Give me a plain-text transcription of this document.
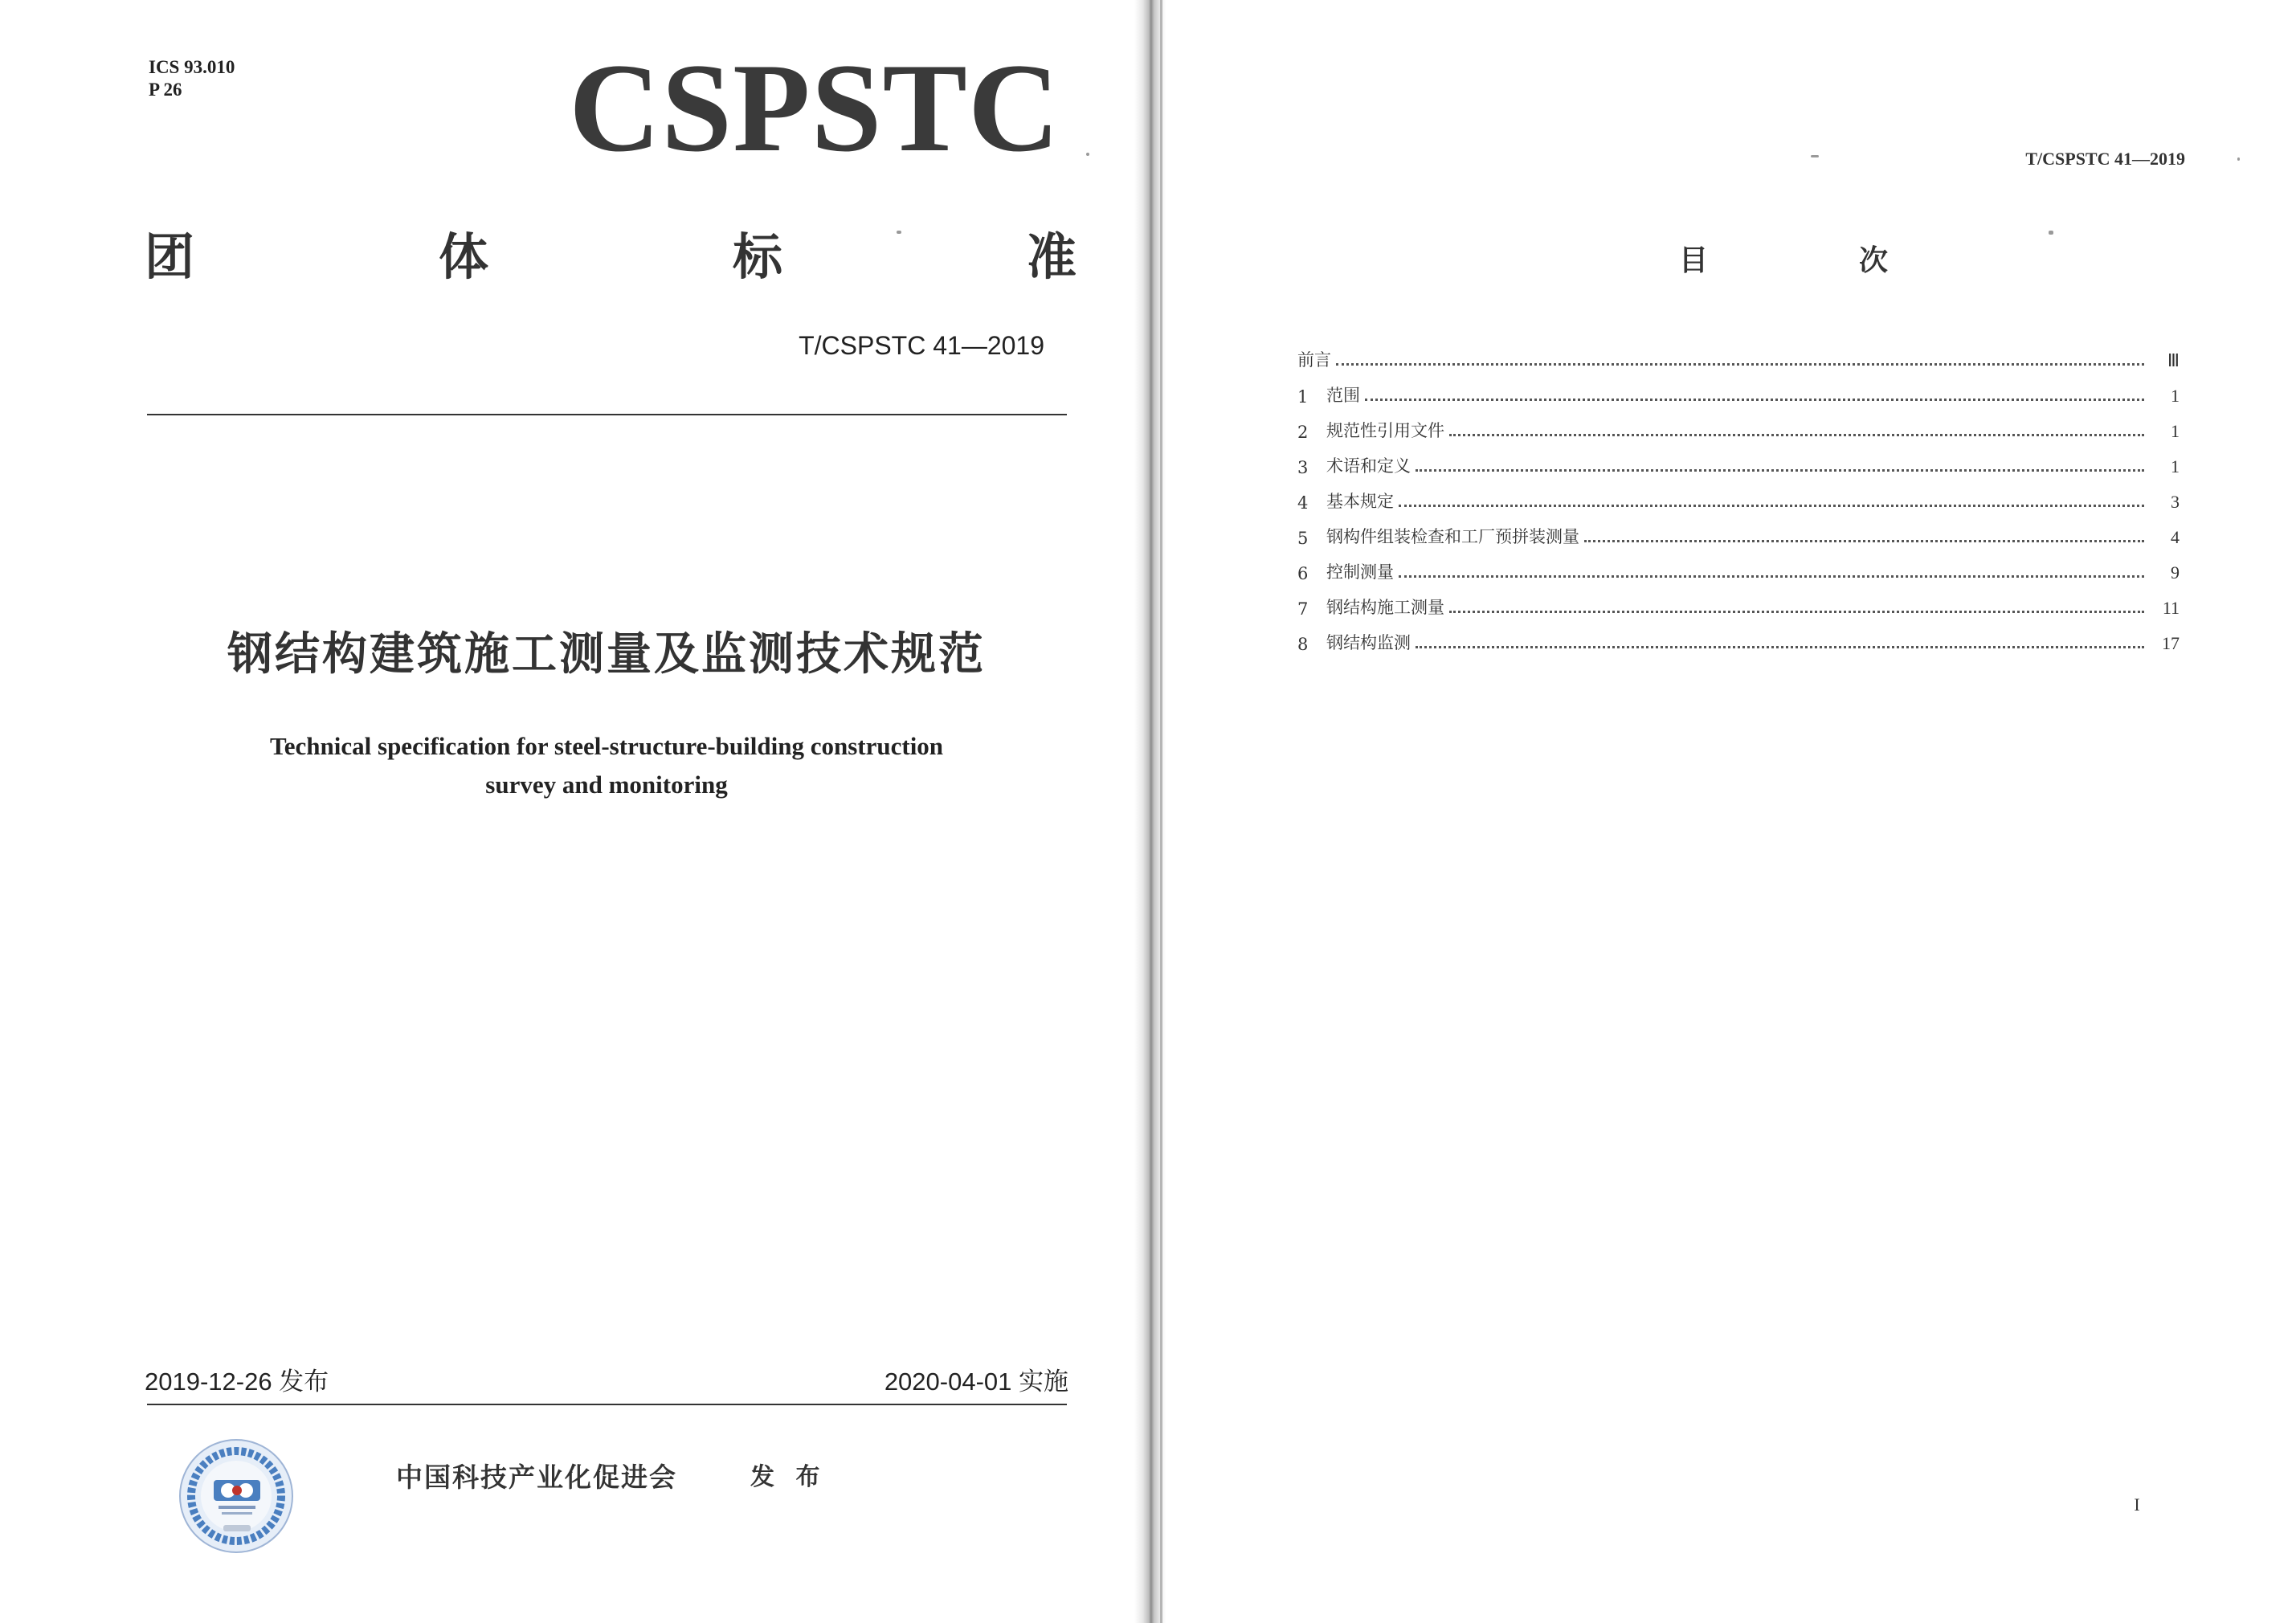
ICS 93.010
P 26	CSPSTC
团	体	标	准
T/CSPSTC 41—2019
钢结构建筑施工测量及监测技术规范
Technical specification for steel-structure-building construction
survey and monitoring
2019-12-26 发布	2020-04-01 实施
中国科技产业化促进会	发 布
T/CSPSTC 41—2019
目	次
前言	Ⅲ
1	范围	1
2	规范性引用文件	1
3	术语和定义	1
4	基本规定	3
5	钢构件组装检查和工厂预拼装测量	4
6	控制测量	9
7	钢结构施工测量	11
8	钢结构监测	17
I
